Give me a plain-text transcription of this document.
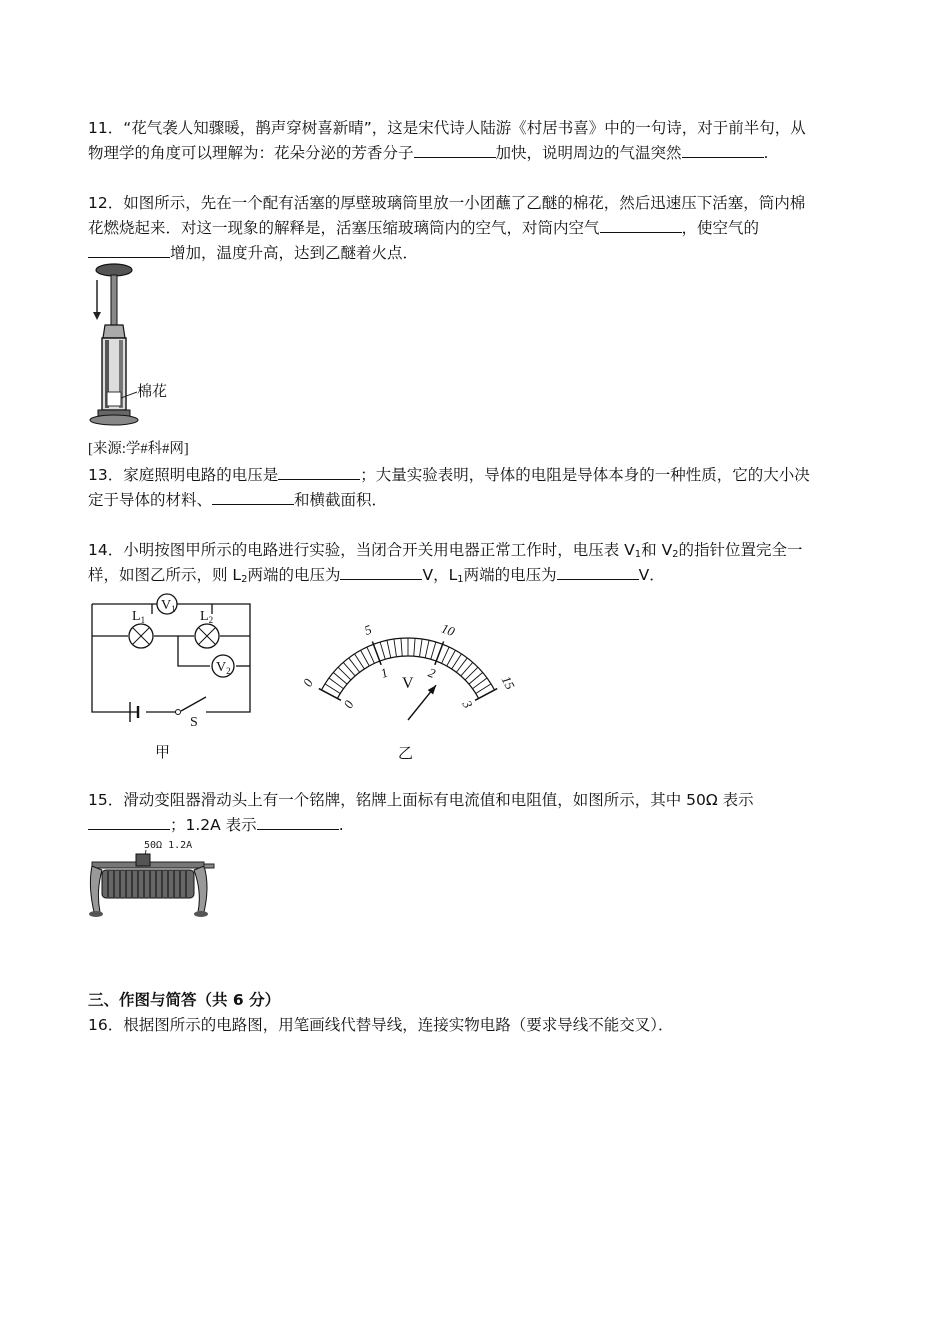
11．“花气袭人知骤暖，鹊声穿树喜新晴”，这是宋代诗人陆游《村居书喜》中的一句诗，对于前半句，从
物理学的角度可以理解为：花朵分泌的芳香分子	加快，说明周边的气温突然	.
12．如图所示，先在一个配有活塞的厚壁玻璃筒里放一小团蘸了乙醚的棉花，然后迅速压下活塞，筒内棉
花燃烧起来．对这一现象的解释是，活塞压缩玻璃筒内的空气，对筒内空气	，使空气的
增加，温度升高，达到乙醚着火点．
棉花
[来源:学#科#网]
13．家庭照明电路的电压是	；大量实验表明，导体的电阻是导体本身的一种性质，它的大小决
定于导体的材料、	和横截面积．
14．小明按图甲所示的电路进行实验，当闭合开关用电器正常工作时，电压表 $V_1$和 $V_2$的指针位置完全一
样，如图乙所示，则 $L_2$两端的电压为	V，$L_1$两端的电压为	V．
$V_1$
$V_2$
$L_1$	$L_2$
S
甲
0
5	10
15
0
1	2
3
V
乙
15．滑动变阻器滑动头上有一个铭牌，铭牌上面标有电流值和电阻值，如图所示，其中 50Ω 表示
；1.2A 表示	.
50Ω 1.2A
三、作图与简答（共 6 分）
16．根据图所示的电路图，用笔画线代替导线，连接实物电路（要求导线不能交叉）．
